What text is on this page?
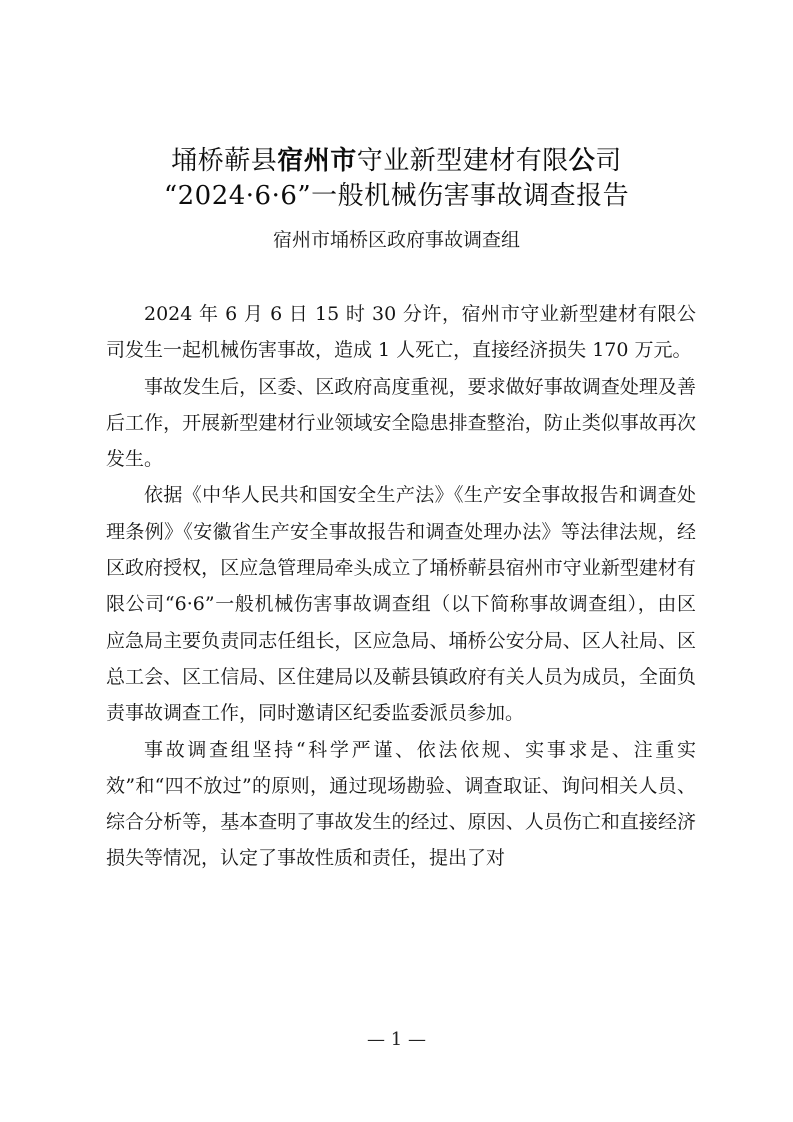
埇桥蕲县宿州市守业新型建材有限公司
“2024·6·6”一般机械伤害事故调查报告
宿州市埇桥区政府事故调查组

2024 年 6 月 6 日 15 时 30 分许，宿州市守业新型建材有限公司发生一起机械伤害事故，造成 1 人死亡，直接经济损失 170 万元。

事故发生后，区委、区政府高度重视，要求做好事故调查处理及善后工作，开展新型建材行业领域安全隐患排查整治，防止类似事故再次发生。

依据《中华人民共和国安全生产法》《生产安全事故报告和调查处理条例》《安徽省生产安全事故报告和调查处理办法》等法律法规，经区政府授权，区应急管理局牵头成立了埇桥蕲县宿州市守业新型建材有限公司“6·6”一般机械伤害事故调查组（以下简称事故调查组），由区应急局主要负责同志任组长，区应急局、埇桥公安分局、区人社局、区总工会、区工信局、区住建局以及蕲县镇政府有关人员为成员，全面负责事故调查工作，同时邀请区纪委监委派员参加。

事故调查组坚持“科学严谨、依法依规、实事求是、注重实效”和“四不放过”的原则，通过现场勘验、调查取证、询问相关人员、综合分析等，基本查明了事故发生的经过、原因、人员伤亡和直接经济损失等情况，认定了事故性质和责任，提出了对

— 1 —
